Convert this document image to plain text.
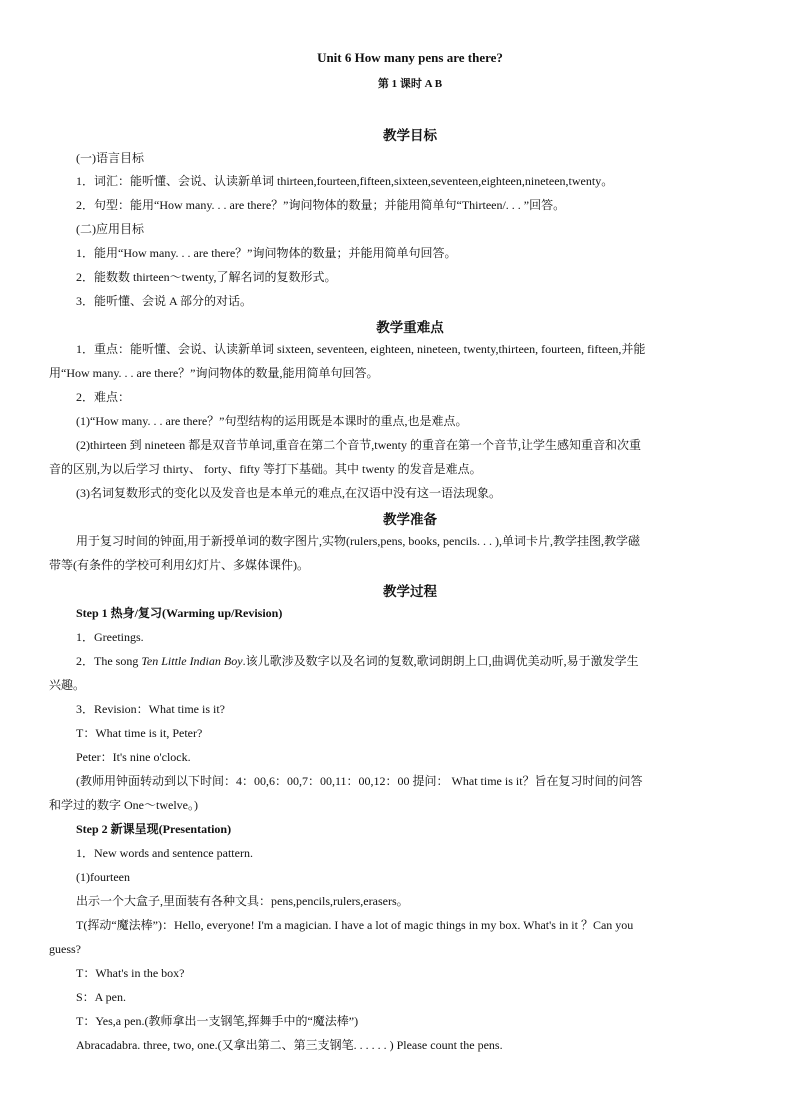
Unit 6 How many pens are there?
第 1 课时 A B
教学目标
(一)语言目标
1．词汇：能听懂、会说、认读新单词 thirteen,fourteen,fifteen,sixteen,seventeen,eighteen,nineteen,twenty。
2．句型：能用“How many. . . are there？”询问物体的数量；并能用简单句“Thirteen/. . . ”回答。
(二)应用目标
1．能用“How many. . . are there？”询问物体的数量；并能用简单句回答。
2．能数数 thirteen～twenty,了解名词的复数形式。
3．能听懂、会说 A 部分的对话。
教学重难点
1．重点：能听懂、会说、认读新单词 sixteen, seventeen, eighteen, nineteen, twenty,thirteen, fourteen, fifteen,并能
用“How many. . . are there？”询问物体的数量,能用简单句回答。
2．难点：
(1)“How many. . . are there？”句型结构的运用既是本课时的重点,也是难点。
(2)thirteen 到 nineteen 都是双音节单词,重音在第二个音节,twenty 的重音在第一个音节,让学生感知重音和次重
音的区别,为以后学习 thirty、 forty、fifty 等打下基础。其中 twenty 的发音是难点。
(3)名词复数形式的变化以及发音也是本单元的难点,在汉语中没有这一语法现象。
教学准备
用于复习时间的钟面,用于新授单词的数字图片,实物(rulers,pens, books, pencils. . . ),单词卡片,教学挂图,教学磁
带等(有条件的学校可利用幻灯片、多媒体课件)。
教学过程
Step 1 热身/复习(Warming up/Revision)
1．Greetings.
2．The song Ten Little Indian Boy.该儿歌涉及数字以及名词的复数,歌词朗朗上口,曲调优美动听,易于激发学生
兴趣。
3．Revision：What time is it?
T：What time is it, Peter?
Peter：It's nine o'clock.
(教师用钟面转动到以下时间：4：00,6：00,7：00,11：00,12：00 提问： What time is it？旨在复习时间的问答
和学过的数字 One～twelve。)
Step 2 新课呈现(Presentation)
1．New words and sentence pattern.
(1)fourteen
出示一个大盒子,里面装有各种文具：pens,pencils,rulers,erasers。
T(挥动“魔法棒”)：Hello, everyone! I'm a magician. I have a lot of magic things in my box. What's in it ？Can you
guess?
T：What's in the box?
S：A pen.
T：Yes,a pen.(教师拿出一支钢笔,挥舞手中的“魔法棒”)
Abracadabra. three, two, one.(又拿出第二、第三支钢笔. . . . . . ) Please count the pens.
